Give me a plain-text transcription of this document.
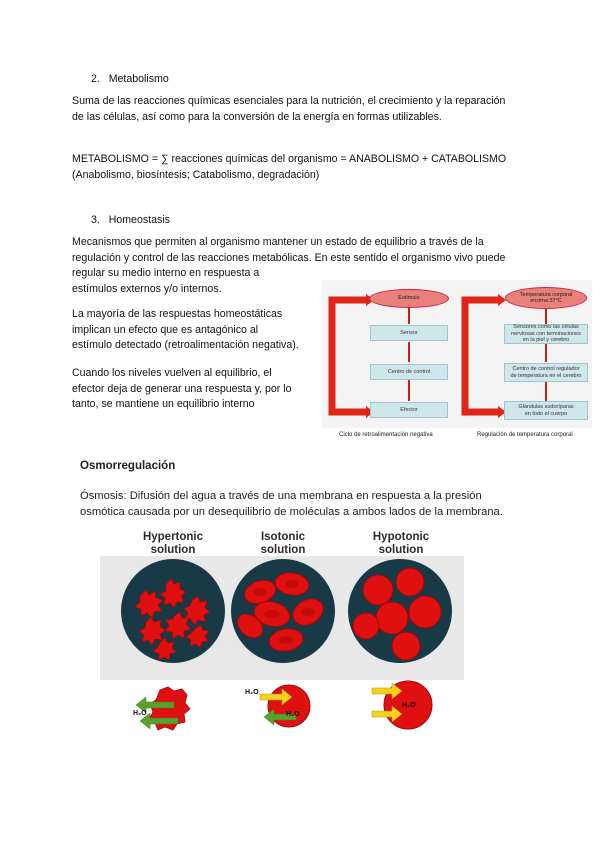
2. Metabolismo
Suma de las reacciones químicas esenciales para la nutrición, el crecimiento y la reparación
de las células, así como para la conversión de la energía en formas utilizables.
METABOLISMO = ∑ reacciones químicas del organismo = ANABOLISMO + CATABOLISMO
(Anabolismo, biosíntesis; Catabolismo, degradación)
3. Homeostasis
Mecanismos que permiten al organismo mantener un estado de equilibrio a través de la
regulación y control de las reacciones metabólicas. En este sentido el organismo vivo puede
regular su medio interno en respuesta a
estímulos externos y/o internos.
La mayoría de las respuestas homeostáticas
implican un efecto que es antagónico al
estímulo detectado (retroalimentación negativa).
Cuando los niveles vuelven al equilibrio, el
efector deja de generar una respuesta y, por lo
tanto, se mantiene un equilibrio interno
Estímulo
Sensor
Centro de control
Efector
Temperatura corporal
encima 37°C
Sensores como las células
nerviosas con terminaciones
en la piel y cerebro
Centro de control regulador
de temperatura en el cerebro
Glándulas sudoríparas
en todo el cuerpo
Ciclo de retroalimentación negativa	Regulación de temperatura corporal
Osmorregulación
Ósmosis: Difusión del agua a través de una membrana en respuesta a la presión
osmótica causada por un desequilibrio de moléculas a ambos lados de la membrana.
Hypertonic
solution
Isotonic
solution
Hypotonic
solution
H₂O
H₂O
H₂O
H₂O
